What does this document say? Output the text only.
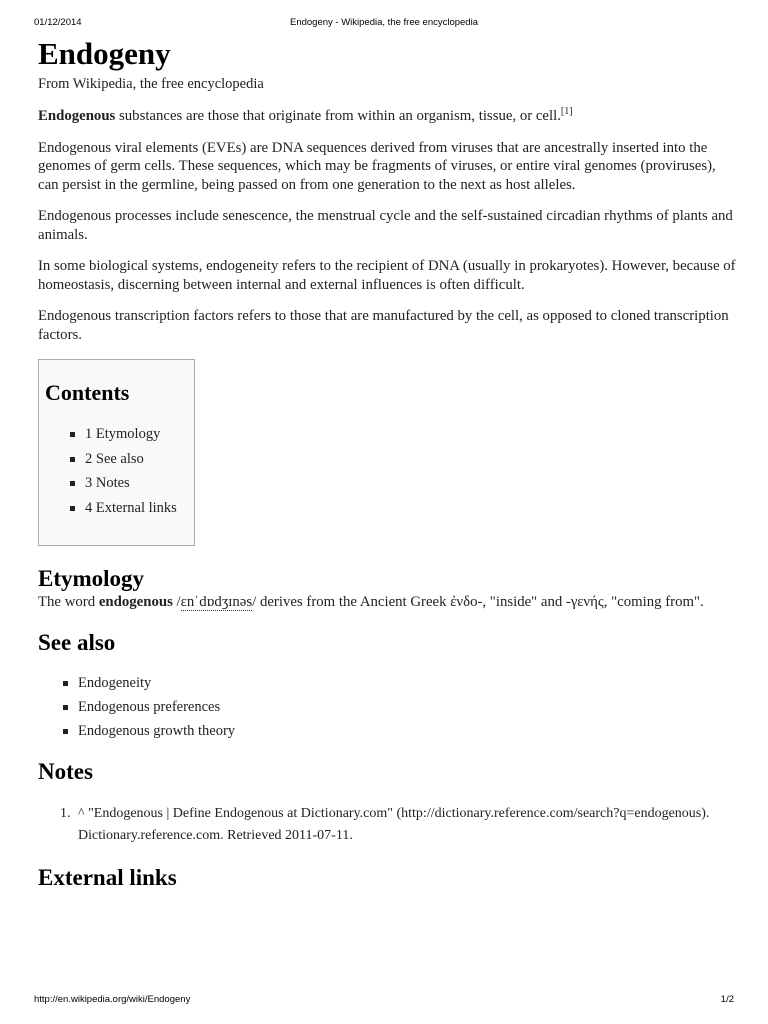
01/12/2014	Endogeny - Wikipedia, the free encyclopedia
Endogeny
From Wikipedia, the free encyclopedia

Endogenous substances are those that originate from within an organism, tissue, or cell.[1]

Endogenous viral elements (EVEs) are DNA sequences derived from viruses that are ancestrally inserted into the genomes of germ cells. These sequences, which may be fragments of viruses, or entire viral genomes (proviruses), can persist in the germline, being passed on from one generation to the next as host alleles.

Endogenous processes include senescence, the menstrual cycle and the self-sustained circadian rhythms of plants and animals.

In some biological systems, endogeneity refers to the recipient of DNA (usually in prokaryotes). However, because of homeostasis, discerning between internal and external influences is often difficult.

Endogenous transcription factors refers to those that are manufactured by the cell, as opposed to cloned transcription factors.

Contents
1 Etymology
2 See also
3 Notes
4 External links
Etymology

The word endogenous /ɛnˈdɒdʒɪnəs/ derives from the Ancient Greek ἐνδο-, "inside" and -γενής, "coming from".

See also
Endogeneity
Endogenous preferences
Endogenous growth theory
Notes
1. ^ "Endogenous | Define Endogenous at Dictionary.com" (http://dictionary.reference.com/search?q=endogenous). Dictionary.reference.com. Retrieved 2011-07-11.
External links
http://en.wikipedia.org/wiki/Endogeny	1/2
